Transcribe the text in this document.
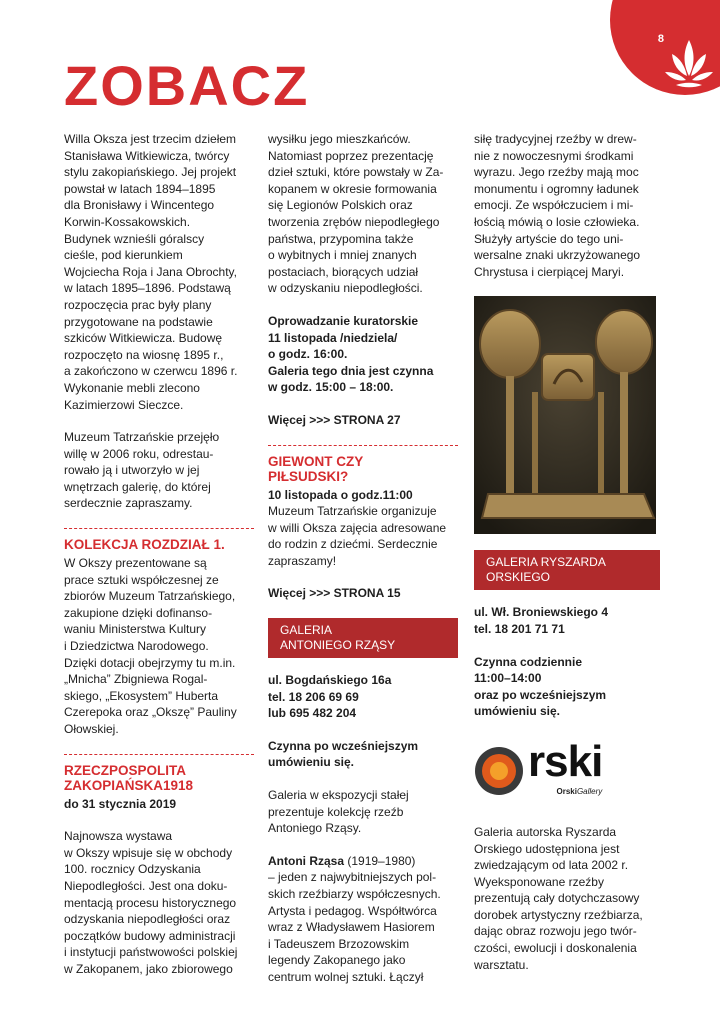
8
ZOBACZ

Willa Oksza jest trzecim dziełem
Stanisława Witkiewicza, twórcy
stylu zakopiańskiego. Jej projekt
powstał w latach 1894–1895
dla Bronisławy i Wincentego
Korwin-Kossakowskich.
Budynek wznieśli góralscy
cieśle, pod kierunkiem
Wojciecha Roja i Jana Obrochty,
w latach 1895–1896. Podstawą
rozpoczęcia prac były plany
przygotowane na podstawie
szkiców Witkiewicza. Budowę
rozpoczęto na wiosnę 1895 r.,
a zakończono w czerwcu 1896 r.
Wykonanie mebli zlecono
Kazimierzowi Sieczce.

Muzeum Tatrzańskie przejęło
willę w 2006 roku, odrestau-
rowało ją i utworzyło w jej
wnętrzach galerię, do której
serdecznie zapraszamy.

KOLEKCJA ROZDZIAŁ 1.

W Okszy prezentowane są
prace sztuki współczesnej ze
zbiorów Muzeum Tatrzańskiego,
zakupione dzięki dofinanso-
waniu Ministerstwa Kultury
i Dziedzictwa Narodowego.
Dzięki dotacji obejrzymy tu m.in.
„Mnicha” Zbigniewa Rogal-
skiego, „Ekosystem” Huberta
Czerepoka oraz „Okszę” Pauliny
Ołowskiej.

RZECZPOSPOLITA
ZAKOPIAŃSKA1918

do 31 stycznia 2019

Najnowsza wystawa
w Okszy wpisuje się w obchody
100. rocznicy Odzyskania
Niepodległości. Jest ona doku-
mentacją procesu historycznego
odzyskania niepodległości oraz
początków budowy administracji
i instytucji państwowości polskiej
w Zakopanem, jako zbiorowego

wysiłku jego mieszkańców.
Natomiast poprzez prezentację
dzieł sztuki, które powstały w Za-
kopanem w okresie formowania
się Legionów Polskich oraz
tworzenia zrębów niepodległego
państwa, przypomina także
o wybitnych i mniej znanych
postaciach, biorących udział
w odzyskaniu niepodległości.

Oprowadzanie kuratorskie
11 listopada /niedziela/
o godz. 16:00.
Galeria tego dnia jest czynna
w godz. 15:00 – 18:00.

Więcej >>> STRONA 27

GIEWONT CZY
PIŁSUDSKI?
10 listopada o godz.11:00

Muzeum Tatrzańskie organizuje
w willi Oksza zajęcia adresowane
do rodzin z dziećmi. Serdecznie
zapraszamy!

Więcej >>> STRONA 15

GALERIA
ANTONIEGO RZĄSY

ul. Bogdańskiego 16a
tel. 18 206 69 69
lub 695 482 204

Czynna po wcześniejszym
umówieniu się.

Galeria w ekspozycji stałej
prezentuje kolekcję rzeźb
Antoniego Rząsy.

Antoni Rząsa (1919–1980)
– jeden z najwybitniejszych pol-
skich rzeźbiarzy współczesnych.
Artysta i pedagog. Współtwórca
wraz z Władysławem Hasiorem
i Tadeuszem Brzozowskim
legendy Zakopanego jako
centrum wolnej sztuki. Łączył

siłę tradycyjnej rzeźby w drew-
nie z nowoczesnymi środkami
wyrazu. Jego rzeźby mają moc
monumentu i ogromny ładunek
emocji. Ze współczuciem i mi-
łością mówią o losie człowieka.
Służyły artyście do tego uni-
wersalne znaki ukrzyżowanego
Chrystusa i cierpiącej Maryi.

GALERIA RYSZARDA
ORSKIEGO

ul. Wł. Broniewskiego 4
tel. 18 201 71 71

Czynna codziennie
11:00–14:00
oraz po wcześniejszym
umówieniu się.

rski
OrskiGallery

Galeria autorska Ryszarda
Orskiego udostępniona jest
zwiedzającym od lata 2002 r.
Wyeksponowane rzeźby
prezentują cały dotychczasowy
dorobek artystyczny rzeźbiarza,
dając obraz rozwoju jego twór-
czości, ewolucji i doskonalenia
warsztatu.
